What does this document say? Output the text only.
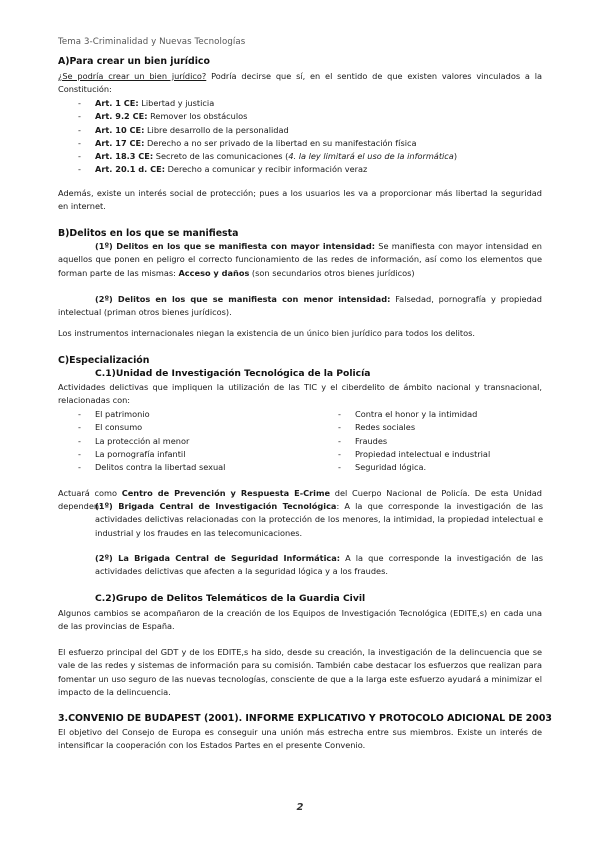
Tema 3-Criminalidad y Nuevas Tecnologías
A)Para crear un bien jurídico
¿Se podría crear un bien jurídico? Podría decirse que sí, en el sentido de que existen valores vinculados a la Constitución:
- Art. 1 CE: Libertad y justicia
- Art. 9.2 CE: Remover los obstáculos
- Art. 10 CE: Libre desarrollo de la personalidad
- Art. 17 CE: Derecho a no ser privado de la libertad en su manifestación física
- Art. 18.3 CE: Secreto de las comunicaciones (4. la ley limitará el uso de la informática)
- Art. 20.1 d. CE: Derecho a comunicar y recibir información veraz
Además, existe un interés social de protección; pues a los usuarios les va a proporcionar más libertad la seguridad en internet.
B)Delitos en los que se manifiesta
(1º) Delitos en los que se manifiesta con mayor intensidad: Se manifiesta con mayor intensidad en aquellos que ponen en peligro el correcto funcionamiento de las redes de información, así como los elementos que forman parte de las mismas: Acceso y daños (son secundarios otros bienes jurídicos)
(2º) Delitos en los que se manifiesta con menor intensidad: Falsedad, pornografía y propiedad intelectual (priman otros bienes jurídicos).
Los instrumentos internacionales niegan la existencia de un único bien jurídico para todos los delitos.
C)Especialización
C.1)Unidad de Investigación Tecnológica de la Policía
Actividades delictivas que impliquen la utilización de las TIC y el ciberdelito de ámbito nacional y transnacional, relacionadas con:
- El patrimonio
- El consumo
- La protección al menor
- La pornografía infantil
- Delitos contra la libertad sexual
- Contra el honor y la intimidad
- Redes sociales
- Fraudes
- Propiedad intelectual e industrial
- Seguridad lógica.
Actuará como Centro de Prevención y Respuesta E-Crime del Cuerpo Nacional de Policía. De esta Unidad dependen:
(1º) Brigada Central de Investigación Tecnológica: A la que corresponde la investigación de las actividades delictivas relacionadas con la protección de los menores, la intimidad, la propiedad intelectual e industrial y los fraudes en las telecomunicaciones.
(2º) La Brigada Central de Seguridad Informática: A la que corresponde la investigación de las actividades delictivas que afecten a la seguridad lógica y a los fraudes.
C.2)Grupo de Delitos Telemáticos de la Guardia Civil
Algunos cambios se acompañaron de la creación de los Equipos de Investigación Tecnológica (EDITE,s) en cada una de las provincias de España.
El esfuerzo principal del GDT y de los EDITE,s ha sido, desde su creación, la investigación de la delincuencia que se vale de las redes y sistemas de información para su comisión. También cabe destacar los esfuerzos que realizan para fomentar un uso seguro de las nuevas tecnologías, consciente de que a la larga este esfuerzo ayudará a minimizar el impacto de la delincuencia.
3.CONVENIO DE BUDAPEST (2001). INFORME EXPLICATIVO Y PROTOCOLO ADICIONAL DE 2003
El objetivo del Consejo de Europa es conseguir una unión más estrecha entre sus miembros. Existe un interés de intensificar la cooperación con los Estados Partes en el presente Convenio.
2
